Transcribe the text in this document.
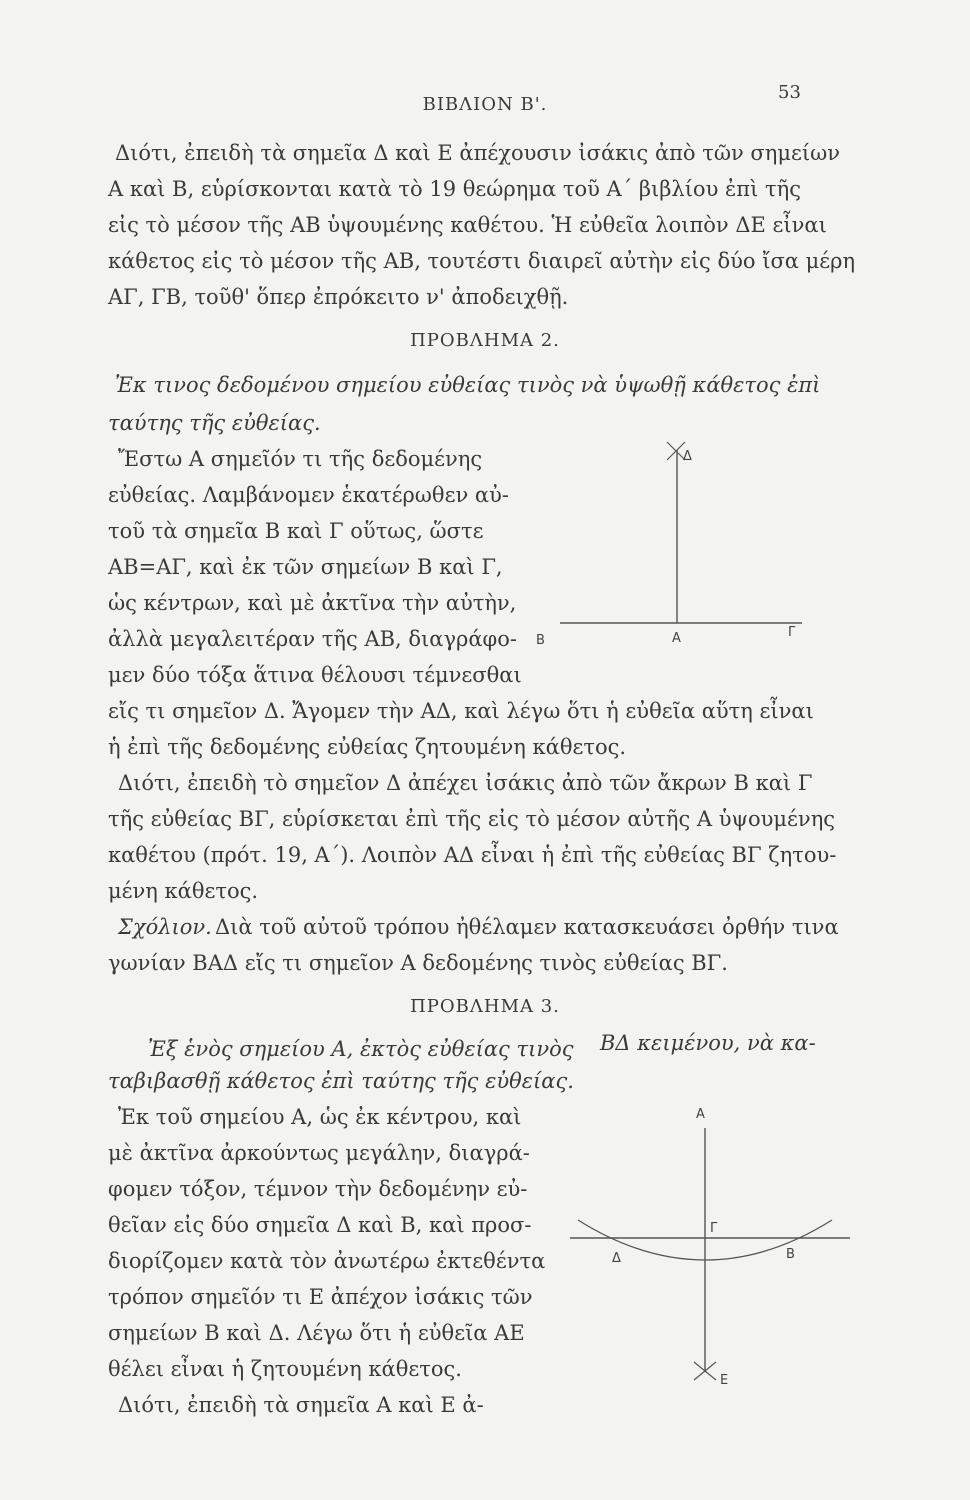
ΒΙΒΛΙΟΝ Β'.
53
Διότι, ἐπειδὴ τὰ σημεῖα Δ καὶ Ε ἀπέχουσιν ἰσάκις ἀπὸ τῶν σημείων
Α καὶ Β, εὑρίσκονται κατὰ τὸ 19 θεώρημα τοῦ Α΄ βιβλίου ἐπὶ τῆς
εἰς τὸ μέσον τῆς ΑΒ ὑψουμένης καθέτου. Ἡ εὐθεῖα λοιπὸν ΔΕ εἶναι
κάθετος εἰς τὸ μέσον τῆς ΑΒ, τουτέστι διαιρεῖ αὐτὴν εἰς δύο ἴσα μέρη
ΑΓ, ΓΒ, τοῦθ' ὅπερ ἐπρόκειτο ν' ἀποδειχθῇ.
ΠΡΟΒΛΗΜΑ 2.
Ἐκ τινος δεδομένου σημείου εὐθείας τινὸς νὰ ὑψωθῇ κάθετος ἐπὶ
ταύτης τῆς εὐθείας.
Ἔστω Α σημεῖόν τι τῆς δεδομένης
εὐθείας. Λαμβάνομεν ἑκατέρωθεν αὐ-
τοῦ τὰ σημεῖα Β καὶ Γ οὕτως, ὥστε
ΑΒ=ΑΓ, καὶ ἐκ τῶν σημείων Β καὶ Γ,
ὡς κέντρων, καὶ μὲ ἀκτῖνα τὴν αὐτὴν,
ἀλλὰ μεγαλειτέραν τῆς ΑΒ, διαγράφο-
μεν δύο τόξα ἅτινα θέλουσι τέμνεσθαι
εἴς τι σημεῖον Δ. Ἄγομεν τὴν ΑΔ, καὶ λέγω ὅτι ἡ εὐθεῖα αὕτη εἶναι
ἡ ἐπὶ τῆς δεδομένης εὐθείας ζητουμένη κάθετος.
Διότι, ἐπειδὴ τὸ σημεῖον Δ ἀπέχει ἰσάκις ἀπὸ τῶν ἄκρων Β καὶ Γ
τῆς εὐθείας ΒΓ, εὑρίσκεται ἐπὶ τῆς εἰς τὸ μέσον αὐτῆς Α ὑψουμένης
καθέτου (πρότ. 19, Α΄). Λοιπὸν ΑΔ εἶναι ἡ ἐπὶ τῆς εὐθείας ΒΓ ζητου-
μένη κάθετος.
Σχόλιον. Διὰ τοῦ αὐτοῦ τρόπου ἠθέλαμεν κατασκευάσει ὀρθήν τινα
γωνίαν ΒΑΔ εἴς τι σημεῖον Α δεδομένης τινὸς εὐθείας ΒΓ.
Δ
Β	Α	Γ
ΠΡΟΒΛΗΜΑ 3.
Ἐξ ἑνὸς σημείου Α, ἐκτὸς εὐθείας τινὸς ΒΔ κειμένου, νὰ κα-
ταβιβασθῇ κάθετος ἐπὶ ταύτης τῆς εὐθείας.
Ἐκ τοῦ σημείου Α, ὡς ἐκ κέντρου, καὶ
μὲ ἀκτῖνα ἀρκούντως μεγάλην, διαγρά-
φομεν τόξον, τέμνον τὴν δεδομένην εὐ-
θεῖαν εἰς δύο σημεῖα Δ καὶ Β, καὶ προσ-
διορίζομεν κατὰ τὸν ἀνωτέρω ἐκτεθέντα
τρόπον σημεῖόν τι Ε ἀπέχον ἰσάκις τῶν
σημείων Β καὶ Δ. Λέγω ὅτι ἡ εὐθεῖα ΑΕ
θέλει εἶναι ἡ ζητουμένη κάθετος.
Διότι, ἐπειδὴ τὰ σημεῖα Α καὶ Ε ἀ-
Α
Γ
Δ	Β
Ε
